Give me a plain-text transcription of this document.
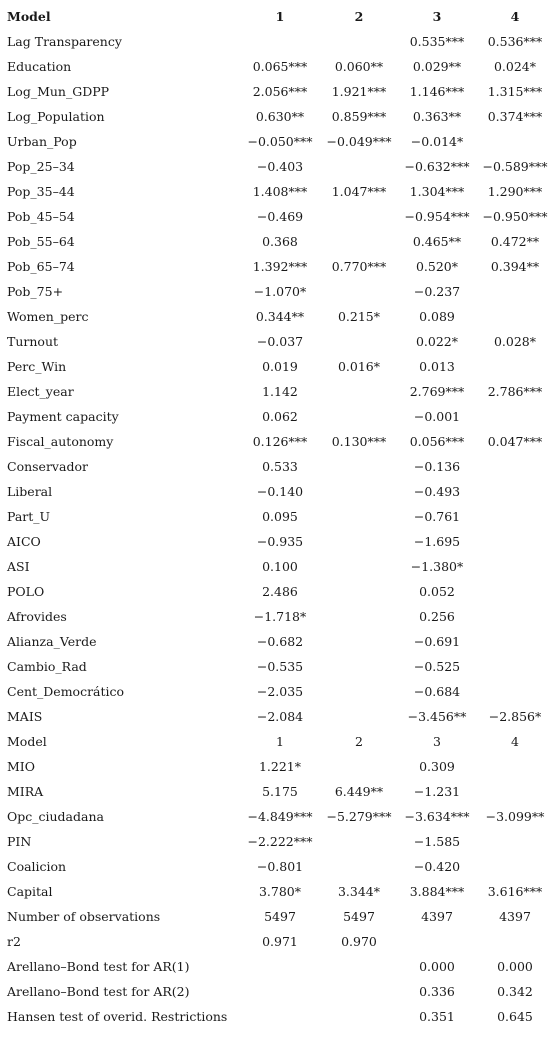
Model	1	2	3	4
Lag Transparency			0.535***	0.536***
Education	0.065***	0.060**	0.029**	0.024*
Log_Mun_GDPP	2.056***	1.921***	1.146***	1.315***
Log_Population	0.630**	0.859***	0.363**	0.374***
Urban_Pop	−0.050***	−0.049***	−0.014*	
Pop_25–34	−0.403		−0.632***	−0.589***
Pop_35–44	1.408***	1.047***	1.304***	1.290***
Pob_45–54	−0.469		−0.954***	−0.950***
Pob_55–64	0.368		0.465**	0.472**
Pob_65–74	1.392***	0.770***	0.520*	0.394**
Pob_75+	−1.070*		−0.237	
Women_perc	0.344**	0.215*	0.089	
Turnout	−0.037		0.022*	0.028*
Perc_Win	0.019	0.016*	0.013	
Elect_year	1.142		2.769***	2.786***
Payment capacity	0.062		−0.001	
Fiscal_autonomy	0.126***	0.130***	0.056***	0.047***
Conservador	0.533		−0.136	
Liberal	−0.140		−0.493	
Part_U	0.095		−0.761	
AICO	−0.935		−1.695	
ASI	0.100		−1.380*	
POLO	2.486		0.052	
Afrovides	−1.718*		0.256	
Alianza_Verde	−0.682		−0.691	
Cambio_Rad	−0.535		−0.525	
Cent_Democrático	−2.035		−0.684	
MAIS	−2.084		−3.456**	−2.856*
Model	1	2	3	4
MIO	1.221*		0.309	
MIRA	5.175	6.449**	−1.231	
Opc_ciudadana	−4.849***	−5.279***	−3.634***	−3.099**
PIN	−2.222***		−1.585	
Coalicion	−0.801		−0.420	
Capital	3.780*	3.344*	3.884***	3.616***
Number of observations	5497	5497	4397	4397
r2	0.971	0.970		
Arellano–Bond test for AR(1)			0.000	0.000
Arellano–Bond test for AR(2)			0.336	0.342
Hansen test of overid. Restrictions			0.351	0.645
